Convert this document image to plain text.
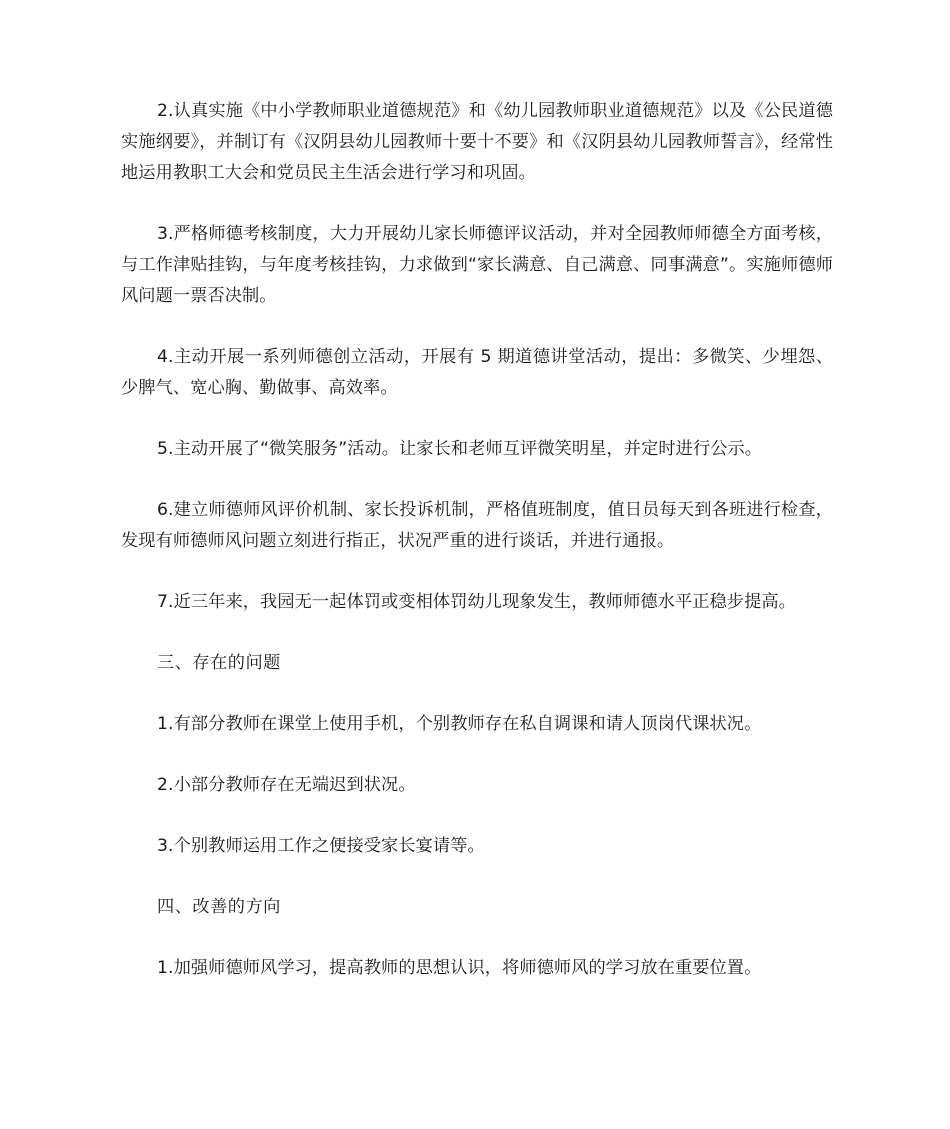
2.认真实施《中小学教师职业道德规范》和《幼儿园教师职业道德规范》以及《公民道德实施纲要》，并制订有《汉阴县幼儿园教师十要十不要》和《汉阴县幼儿园教师誓言》，经常性地运用教职工大会和党员民主生活会进行学习和巩固。

3.严格师德考核制度，大力开展幼儿家长师德评议活动，并对全园教师师德全方面考核，与工作津贴挂钩，与年度考核挂钩，力求做到“家长满意、自己满意、同事满意”。实施师德师风问题一票否决制。

4.主动开展一系列师德创立活动，开展有 5 期道德讲堂活动，提出：多微笑、少埋怨、少脾气、宽心胸、勤做事、高效率。

5.主动开展了“微笑服务”活动。让家长和老师互评微笑明星，并定时进行公示。

6.建立师德师风评价机制、家长投诉机制，严格值班制度，值日员每天到各班进行检查，发现有师德师风问题立刻进行指正，状况严重的进行谈话，并进行通报。

7.近三年来，我园无一起体罚或变相体罚幼儿现象发生，教师师德水平正稳步提高。

三、存在的问题

1.有部分教师在课堂上使用手机，个别教师存在私自调课和请人顶岗代课状况。

2.小部分教师存在无端迟到状况。

3.个别教师运用工作之便接受家长宴请等。

四、改善的方向

1.加强师德师风学习，提高教师的思想认识，将师德师风的学习放在重要位置。
